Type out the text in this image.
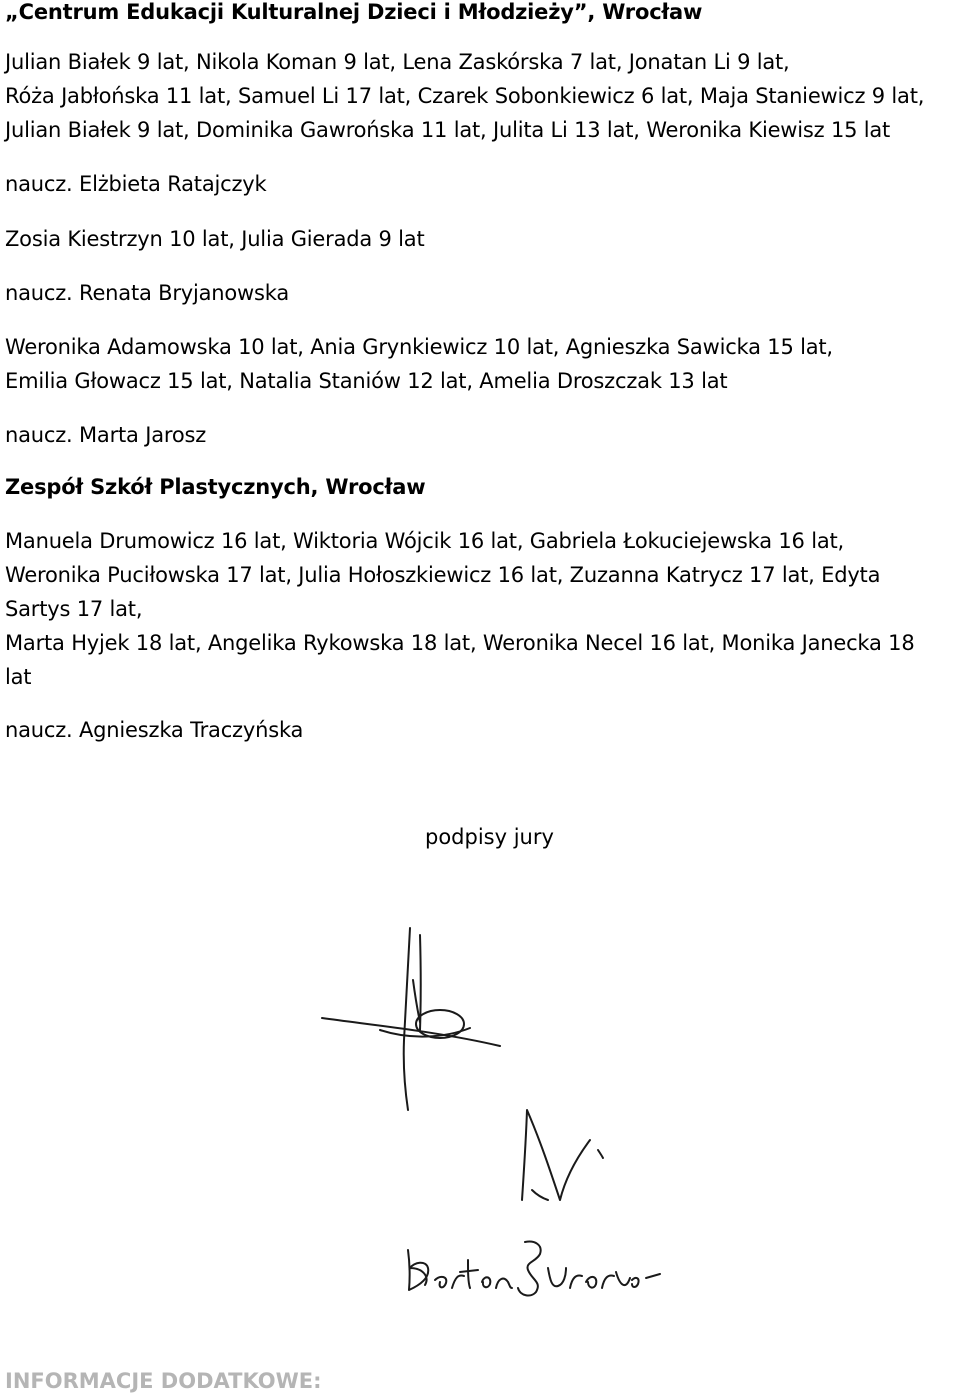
„Centrum Edukacji Kulturalnej Dzieci i Młodzieży”, Wrocław
Julian Białek 9 lat, Nikola Koman 9 lat, Lena Zaskórska 7 lat, Jonatan Li 9 lat,
Róża Jabłońska 11 lat, Samuel Li 17 lat, Czarek Sobonkiewicz 6 lat, Maja Staniewicz 9 lat,
Julian Białek 9 lat, Dominika Gawrońska 11 lat, Julita Li 13 lat, Weronika Kiewisz 15 lat
naucz. Elżbieta Ratajczyk
Zosia Kiestrzyn 10 lat, Julia Gierada 9 lat
naucz. Renata Bryjanowska
Weronika Adamowska 10 lat, Ania Grynkiewicz 10 lat, Agnieszka Sawicka 15 lat,
Emilia Głowacz 15 lat, Natalia Staniów 12 lat, Amelia Droszczak 13 lat
naucz. Marta Jarosz
Zespół Szkół Plastycznych, Wrocław
Manuela Drumowicz 16 lat, Wiktoria Wójcik 16 lat, Gabriela Łokuciejewska 16 lat,
Weronika Puciłowska 17 lat, Julia Hołoszkiewicz 16 lat, Zuzanna Katrycz 17 lat, Edyta
Sartys 17 lat,
Marta Hyjek 18 lat, Angelika Rykowska 18 lat, Weronika Necel 16 lat, Monika Janecka 18
lat
naucz. Agnieszka Traczyńska
podpisy jury
INFORMACJE DODATKOWE:
